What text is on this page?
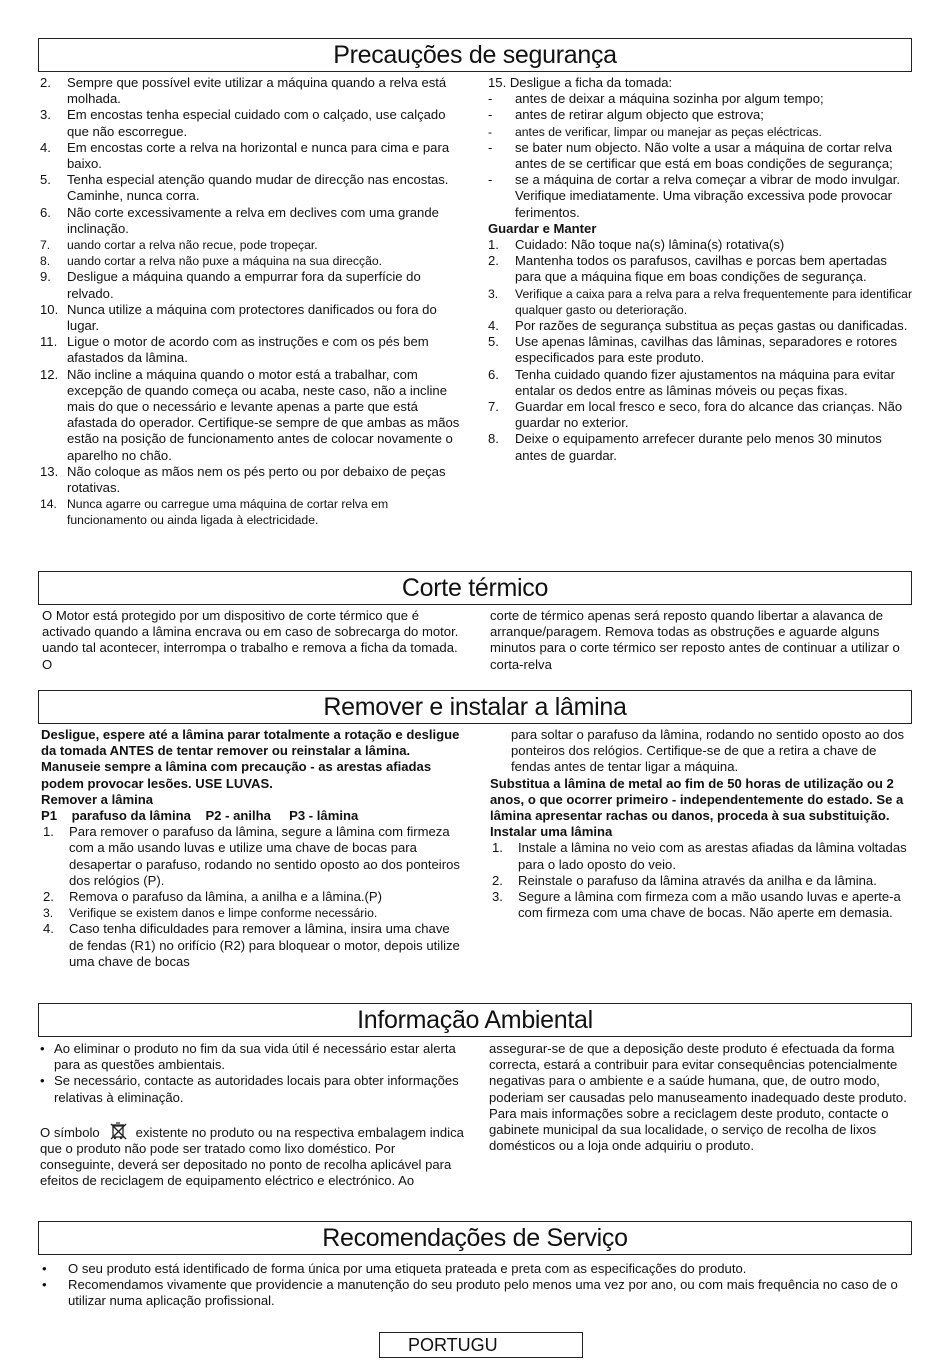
Precauções de segurança
2. Sempre que possível evite utilizar a máquina quando a relva está molhada.
3. Em encostas tenha especial cuidado com o calçado, use calçado que não escorregue.
4. Em encostas corte a relva na horizontal e nunca para cima e para baixo.
5. Tenha especial atenção quando mudar de direcção nas encostas. Caminhe, nunca corra.
6. Não corte excessivamente a relva em declives com uma grande inclinação.
7. uando cortar a relva não recue, pode tropeçar.
8. uando cortar a relva não puxe a máquina na sua direcção.
9. Desligue a máquina quando a empurrar fora da superfície do relvado.
10. Nunca utilize a máquina com protectores danificados ou fora do lugar.
11. Ligue o motor de acordo com as instruções e com os pés bem afastados da lâmina.
12. Não incline a máquina quando o motor está a trabalhar, com excepção de quando começa ou acaba, neste caso, não a incline mais do que o necessário e levante apenas a parte que está afastada do operador. Certifique-se sempre de que ambas as mãos estão na posição de funcionamento antes de colocar novamente o aparelho no chão.
13. Não coloque as mãos nem os pés perto ou por debaixo de peças rotativas.
14. Nunca agarre ou carregue uma máquina de cortar relva em funcionamento ou ainda ligada à electricidade.
15. Desligue a ficha da tomada:
- antes de deixar a máquina sozinha por algum tempo;
- antes de retirar algum objecto que estrova;
- antes de verificar, limpar ou manejar as peças eléctricas.
- se bater num objecto. Não volte a usar a máquina de cortar relva antes de se certificar que está em boas condições de segurança;
- se a máquina de cortar a relva começar a vibrar de modo invulgar. Verifique imediatamente. Uma vibração excessiva pode provocar ferimentos.
Guardar e Manter
1. Cuidado: Não toque na(s) lâmina(s) rotativa(s)
2. Mantenha todos os parafusos, cavilhas e porcas bem apertadas para que a máquina fique em boas condições de segurança.
3. Verifique a caixa para a relva para a relva frequentemente para identificar qualquer gasto ou deterioração.
4. Por razões de segurança substitua as peças gastas ou danificadas.
5. Use apenas lâminas, cavilhas das lâminas, separadores e rotores especificados para este produto.
6. Tenha cuidado quando fizer ajustamentos na máquina para evitar entalar os dedos entre as lâminas móveis ou peças fixas.
7. Guardar em local fresco e seco, fora do alcance das crianças. Não guardar no exterior.
8. Deixe o equipamento arrefecer durante pelo menos 30 minutos antes de guardar.
Corte térmico
O Motor está protegido por um dispositivo de corte térmico que é activado quando a lâmina encrava ou em caso de sobrecarga do motor. uando tal acontecer, interrompa o trabalho e remova a ficha da tomada. O
corte de térmico apenas será reposto quando libertar a alavanca de arranque/paragem. Remova todas as obstruções e aguarde alguns minutos para o corte térmico ser reposto antes de continuar a utilizar o corta-relva
Remover e instalar a lâmina
Desligue, espere até a lâmina parar totalmente a rotação e desligue da tomada ANTES de tentar remover ou reinstalar a lâmina. Manuseie sempre a lâmina com precaução - as arestas afiadas podem provocar lesões. USE LUVAS.
Remover a lâmina
P1    parafuso da lâmina    P2 - anilha     P3 - lâmina
1. Para remover o parafuso da lâmina, segure a lâmina com firmeza com a mão usando luvas e utilize uma chave de bocas para desapertar o parafuso, rodando no sentido oposto ao dos ponteiros dos relógios (P).
2. Remova o parafuso da lâmina, a anilha e a lâmina.(P)
3. Verifique se existem danos e limpe conforme necessário.
4. Caso tenha dificuldades para remover a lâmina, insira uma chave de fendas (R1) no orifício (R2) para bloquear o motor, depois utilize uma chave de bocas
para soltar o parafuso da lâmina, rodando no sentido oposto ao dos ponteiros dos relógios. Certifique-se de que a retira a chave de fendas antes de tentar ligar a máquina.
Substitua a lâmina de metal ao fim de 50 horas de utilização ou 2 anos, o que ocorrer primeiro - independentemente do estado. Se a lâmina apresentar rachas ou danos, proceda à sua substituição.
Instalar uma lâmina
1. Instale a lâmina no veio com as arestas afiadas da lâmina voltadas para o lado oposto do veio.
2. Reinstale o parafuso da lâmina através da anilha e da lâmina.
3. Segure a lâmina com firmeza com a mão usando luvas e aperte-a com firmeza com uma chave de bocas. Não aperte em demasia.
Informação Ambiental
• Ao eliminar o produto no fim da sua vida útil é necessário estar alerta para as questões ambientais.
• Se necessário, contacte as autoridades locais para obter informações relativas à eliminação.
O símbolo	existente no produto ou na respectiva embalagem indica que o produto não pode ser tratado como lixo doméstico. Por conseguinte, deverá ser depositado no ponto de recolha aplicável para efeitos de reciclagem de equipamento eléctrico e electrónico. Ao
assegurar-se de que a deposição deste produto é efectuada da forma correcta, estará a contribuir para evitar consequências potencialmente negativas para o ambiente e a saúde humana, que, de outro modo, poderiam ser causadas pelo manuseamento inadequado deste produto. Para mais informações sobre a reciclagem deste produto, contacte o gabinete municipal da sua localidade, o serviço de recolha de lixos domésticos ou a loja onde adquiriu o produto.
Recomendações de Serviço
• O seu produto está identificado de forma única por uma etiqueta prateada e preta com as especificações do produto.
• Recomendamos vivamente que providencie a manutenção do seu produto pelo menos uma vez por ano, ou com mais frequência no caso de o utilizar numa aplicação profissional.
PORTUGU
